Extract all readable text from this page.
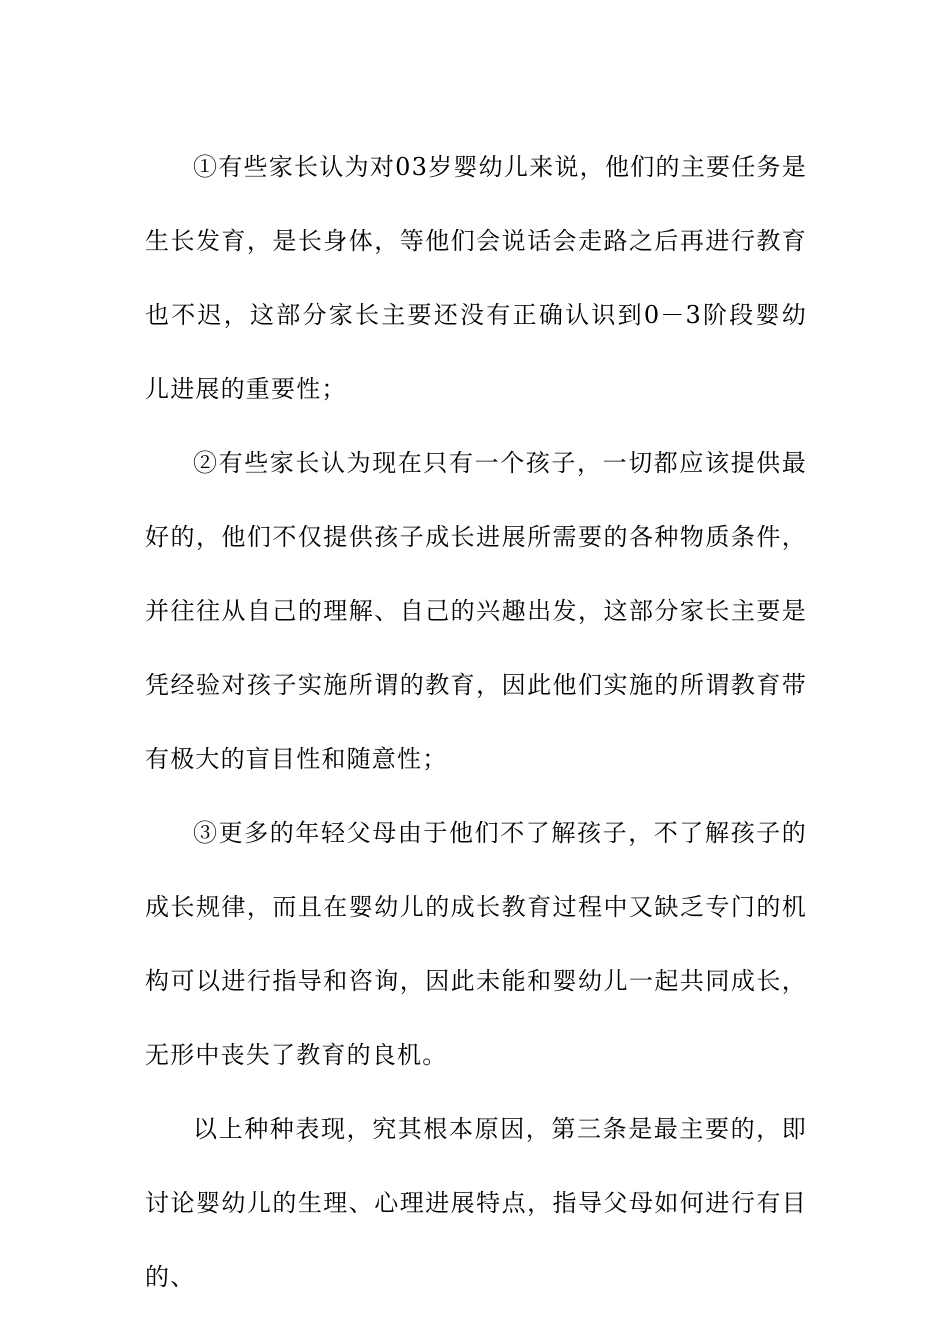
①有些家长认为对03岁婴幼儿来说，他们的主要任务是生长发育，是长身体，等他们会说话会走路之后再进行教育也不迟，这部分家长主要还没有正确认识到0－3阶段婴幼儿进展的重要性；

②有些家长认为现在只有一个孩子，一切都应该提供最好的，他们不仅提供孩子成长进展所需要的各种物质条件，并往往从自己的理解、自己的兴趣出发，这部分家长主要是凭经验对孩子实施所谓的教育，因此他们实施的所谓教育带有极大的盲目性和随意性；

③更多的年轻父母由于他们不了解孩子，不了解孩子的成长规律，而且在婴幼儿的成长教育过程中又缺乏专门的机构可以进行指导和咨询，因此未能和婴幼儿一起共同成长，无形中丧失了教育的良机。

以上种种表现，究其根本原因，第三条是最主要的，即讨论婴幼儿的生理、心理进展特点，指导父母如何进行有目的、
